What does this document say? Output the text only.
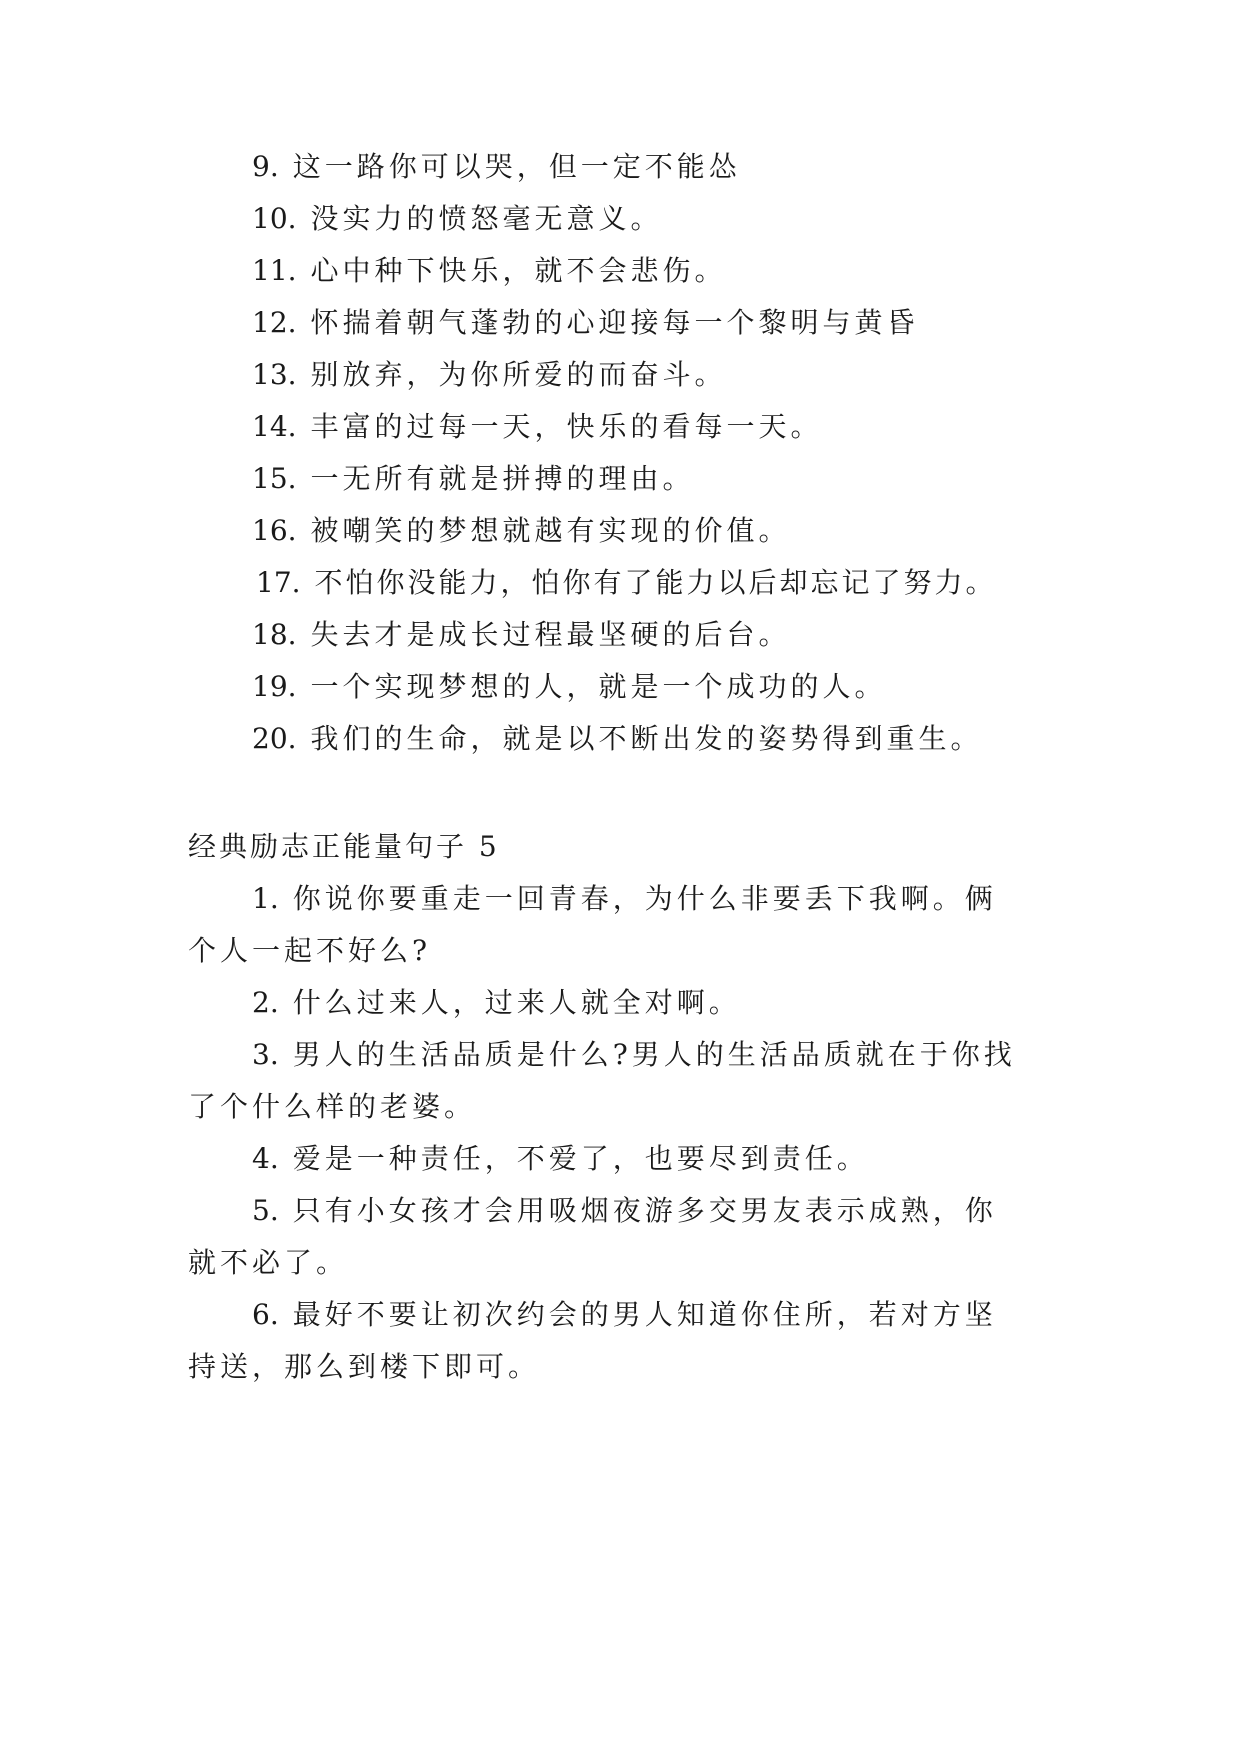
9. 这一路你可以哭，但一定不能怂
10. 没实力的愤怒毫无意义。
11. 心中种下快乐，就不会悲伤。
12. 怀揣着朝气蓬勃的心迎接每一个黎明与黄昏
13. 别放弃，为你所爱的而奋斗。
14. 丰富的过每一天，快乐的看每一天。
15. 一无所有就是拼搏的理由。
16. 被嘲笑的梦想就越有实现的价值。
17. 不怕你没能力，怕你有了能力以后却忘记了努力。
18. 失去才是成长过程最坚硬的后台。
19. 一个实现梦想的人，就是一个成功的人。
20. 我们的生命，就是以不断出发的姿势得到重生。
经典励志正能量句子 5
1. 你说你要重走一回青春，为什么非要丢下我啊。俩
个人一起不好么?
2. 什么过来人，过来人就全对啊。
3. 男人的生活品质是什么?男人的生活品质就在于你找
了个什么样的老婆。
4. 爱是一种责任，不爱了，也要尽到责任。
5. 只有小女孩才会用吸烟夜游多交男友表示成熟，你
就不必了。
6. 最好不要让初次约会的男人知道你住所，若对方坚
持送，那么到楼下即可。
